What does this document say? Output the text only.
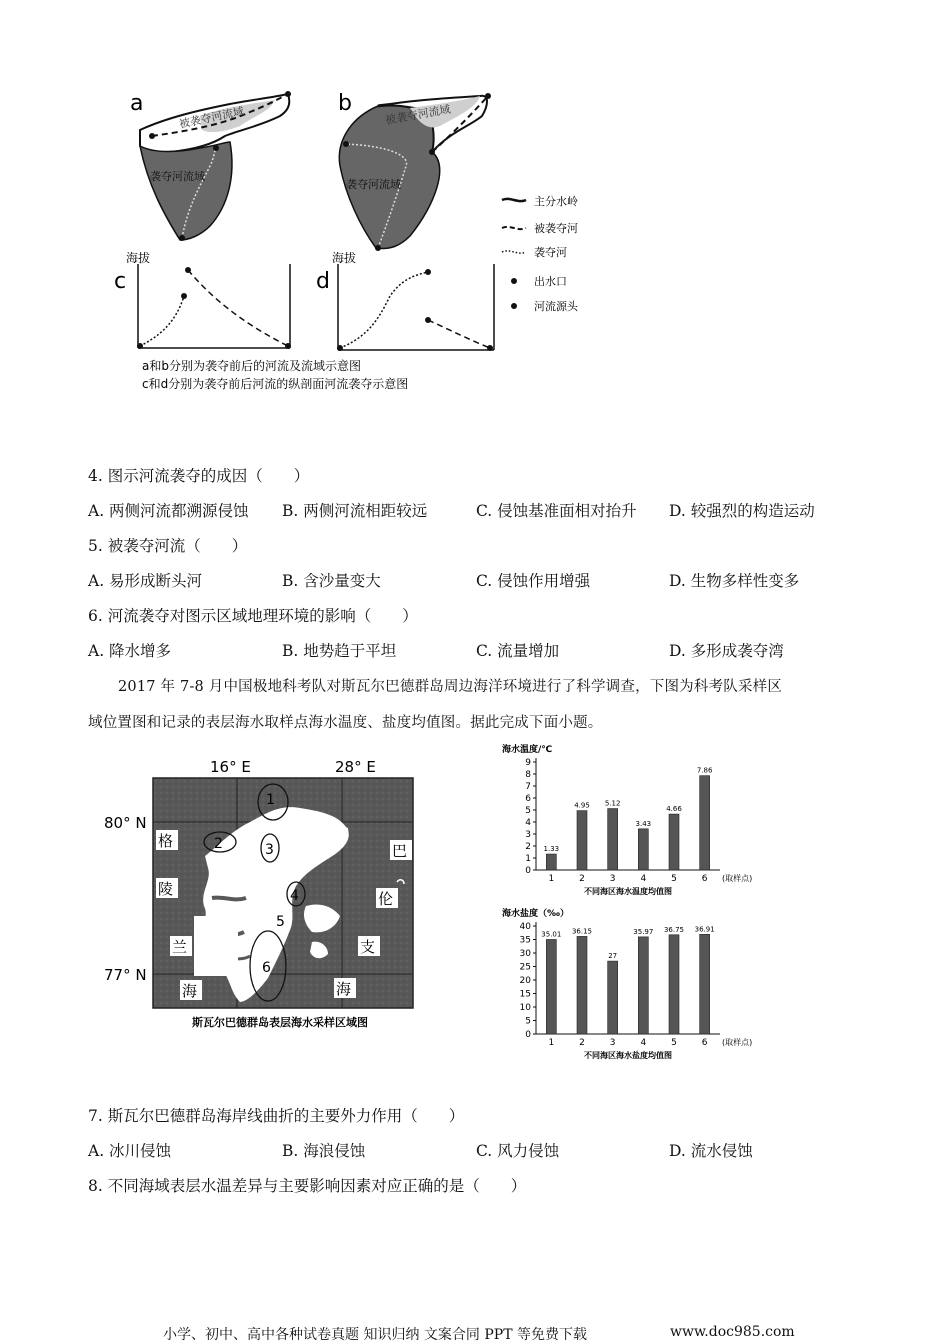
a
被袭夺河流域
袭夺河流域
b	被袭夺河流域
袭夺河流域
海拔
c
海拔
d
a和b分别为袭夺前后的河流及流域示意图
c和d分别为袭夺前后河流的纵剖面河流袭夺示意图
主分水岭
被袭夺河
袭夺河
出水口
河流源头
4. 图示河流袭夺的成因（　　）
A. 两侧河流都溯源侵蚀 B. 两侧河流相距较远	C. 侵蚀基准面相对抬升 D. 较强烈的构造运动
5. 被袭夺河流（　　）
A. 易形成断头河	B. 含沙量变大	C. 侵蚀作用增强	D. 生物多样性变多
6. 河流袭夺对图示区域地理环境的影响（　　）
A. 降水增多	B. 地势趋于平坦	C. 流量增加	D. 多形成袭夺湾
2017 年 7-8 月中国极地科考队对斯瓦尔巴德群岛周边海洋环境进行了科学调查，下图为科考队采样区
域位置图和记录的表层海水取样点海水温度、盐度均值图。据此完成下面小题。
16° E	28° E
80° N
77° N
1
2	3
4
5
6
格
陵
兰
海
巴
伦
支
海
斯瓦尔巴德群岛表层海水采样区域图
海水温度/℃
0
1
2
3
4
5
6
7
8
9
1.33
1
4.95
2
5.12
3
3.43
4
4.66
5
7.86
6 (取样点)
不同海区海水温度均值图
海水盐度（‰）
0
5
10
15
20
25
30
35
40
35.01
1
36.15
2
27
3
35.97
4
36.75
5
36.91
6 (取样点)
不同海区海水盐度均值图
7. 斯瓦尔巴德群岛海岸线曲折的主要外力作用（　　）
A. 冰川侵蚀	B. 海浪侵蚀	C. 风力侵蚀	D. 流水侵蚀
8. 不同海域表层水温差异与主要影响因素对应正确的是（　　）
小学、初中、高中各种试卷真题 知识归纳 文案合同 PPT 等免费下载	www.doc985.com
